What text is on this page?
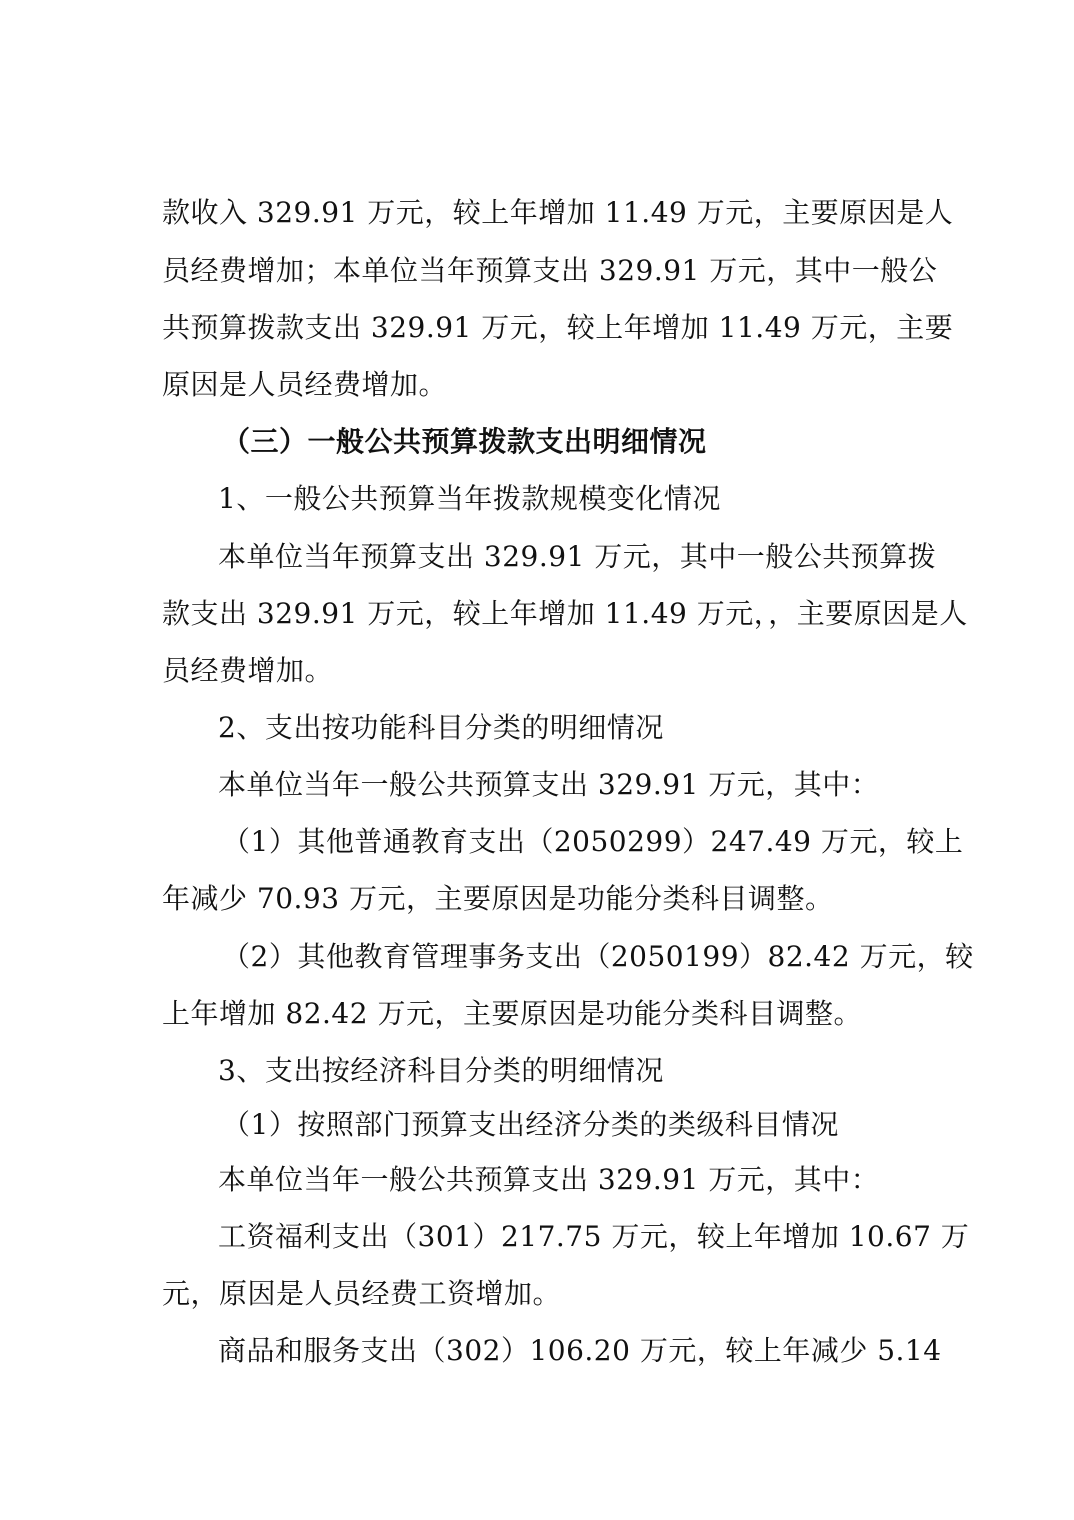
款收入 329.91 万元，较上年增加 11.49 万元，主要原因是人
员经费增加；本单位当年预算支出 329.91 万元，其中一般公
共预算拨款支出 329.91 万元，较上年增加 11.49 万元，主要
原因是人员经费增加。
（三）一般公共预算拨款支出明细情况
1、一般公共预算当年拨款规模变化情况
本单位当年预算支出 329.91 万元，其中一般公共预算拨
款支出 329.91 万元，较上年增加 11.49 万元，，主要原因是人
员经费增加。
2、支出按功能科目分类的明细情况
本单位当年一般公共预算支出 329.91 万元，其中：
（1）其他普通教育支出（2050299）247.49 万元，较上
年减少 70.93 万元，主要原因是功能分类科目调整。
（2）其他教育管理事务支出（2050199）82.42 万元，较
上年增加 82.42 万元，主要原因是功能分类科目调整。
3、支出按经济科目分类的明细情况
（1）按照部门预算支出经济分类的类级科目情况
本单位当年一般公共预算支出 329.91 万元，其中：
工资福利支出（301）217.75 万元，较上年增加 10.67 万
元，原因是人员经费工资增加。
商品和服务支出（302）106.20 万元，较上年减少 5.14
